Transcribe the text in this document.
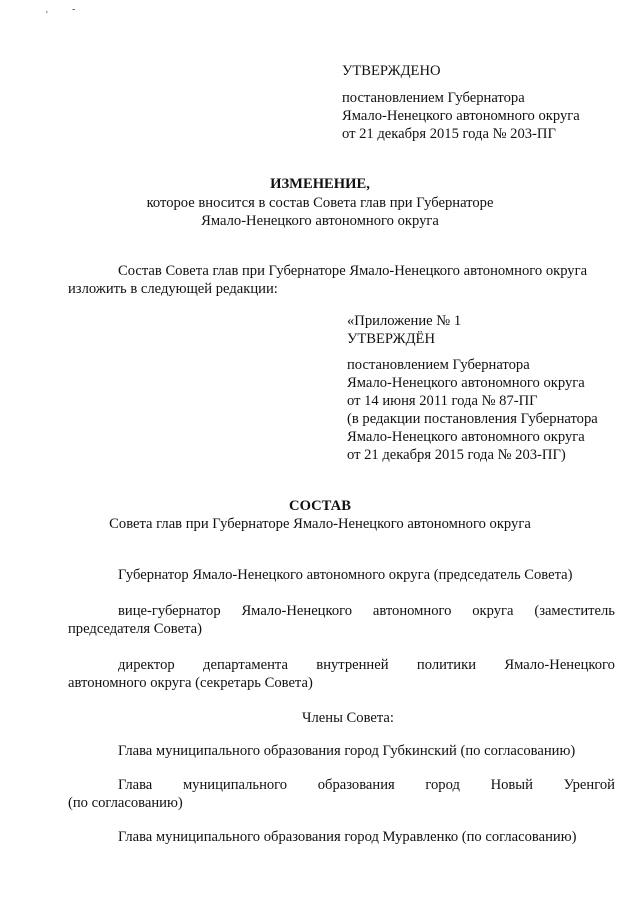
'
-
УТВЕРЖДЕНО
постановлением Губернатора
Ямало-Ненецкого автономного округа
от 21 декабря 2015 года № 203-ПГ
ИЗМЕНЕНИЕ,
которое вносится в состав Совета глав при Губернаторе
Ямало-Ненецкого автономного округа
Состав Совета глав при Губернаторе Ямало-Ненецкого автономного округа
изложить в следующей редакции:
«Приложение № 1
УТВЕРЖДЁН
постановлением Губернатора
Ямало-Ненецкого автономного округа
от 14 июня 2011 года № 87-ПГ
(в редакции постановления Губернатора
Ямало-Ненецкого автономного округа
от 21 декабря 2015 года № 203-ПГ)
СОСТАВ
Совета глав при Губернаторе Ямало-Ненецкого автономного округа
Губернатор Ямало-Ненецкого автономного округа (председатель Совета)
вице-губернатор Ямало-Ненецкого автономного округа (заместитель
председателя Совета)
директор департамента внутренней политики Ямало-Ненецкого
автономного округа (секретарь Совета)
Члены Совета:
Глава муниципального образования город Губкинский (по согласованию)
Глава муниципального образования город Новый Уренгой
(по согласованию)
Глава муниципального образования город Муравленко (по согласованию)
